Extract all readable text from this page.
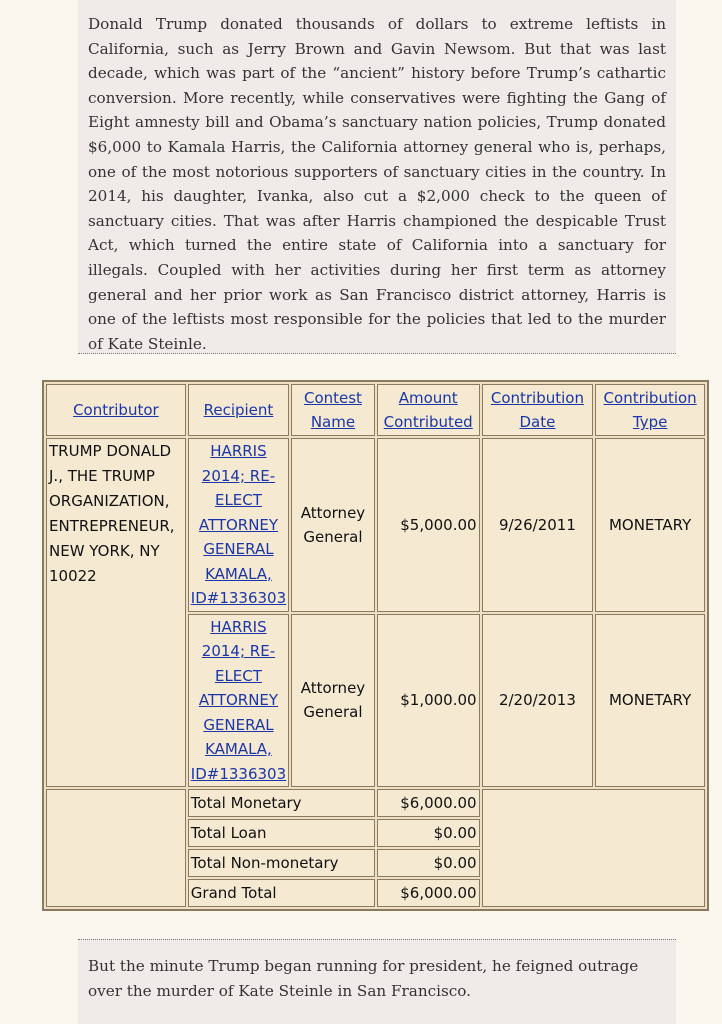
Donald Trump donated thousands of dollars to extreme leftists in California, such as Jerry Brown and Gavin Newsom. But that was last decade, which was part of the “ancient” history before Trump’s cathartic conversion. More recently, while conservatives were fighting the Gang of Eight amnesty bill and Obama’s sanctuary nation policies, Trump donated $6,000 to Kamala Harris, the California attorney general who is, perhaps, one of the most notorious supporters of sanctuary cities in the country. In 2014, his daughter, Ivanka, also cut a $2,000 check to the queen of sanctuary cities. That was after Harris championed the despicable Trust Act, which turned the entire state of California into a sanctuary for illegals. Coupled with her activities during her first term as attorney general and her prior work as San Francisco district attorney, Harris is one of the leftists most responsible for the policies that led to the murder of Kate Steinle.

Contributor	Recipient	Contest Name	Amount Contributed	Contribution Date	Contribution Type
TRUMP DONALD J., THE TRUMP ORGANIZATION, ENTREPRENEUR, NEW YORK, NY 10022	HARRIS 2014; RE-ELECT ATTORNEY GENERAL KAMALA, ID#1336303	Attorney General	$5,000.00	9/26/2011	MONETARY
	HARRIS 2014; RE-ELECT ATTORNEY GENERAL KAMALA, ID#1336303	Attorney General	$1,000.00	2/20/2013	MONETARY
	Total Monetary		$6,000.00		
	Total Loan		$0.00		
	Total Non-monetary		$0.00		
	Grand Total		$6,000.00		

But the minute Trump began running for president, he feigned outrage over the murder of Kate Steinle in San Francisco.
